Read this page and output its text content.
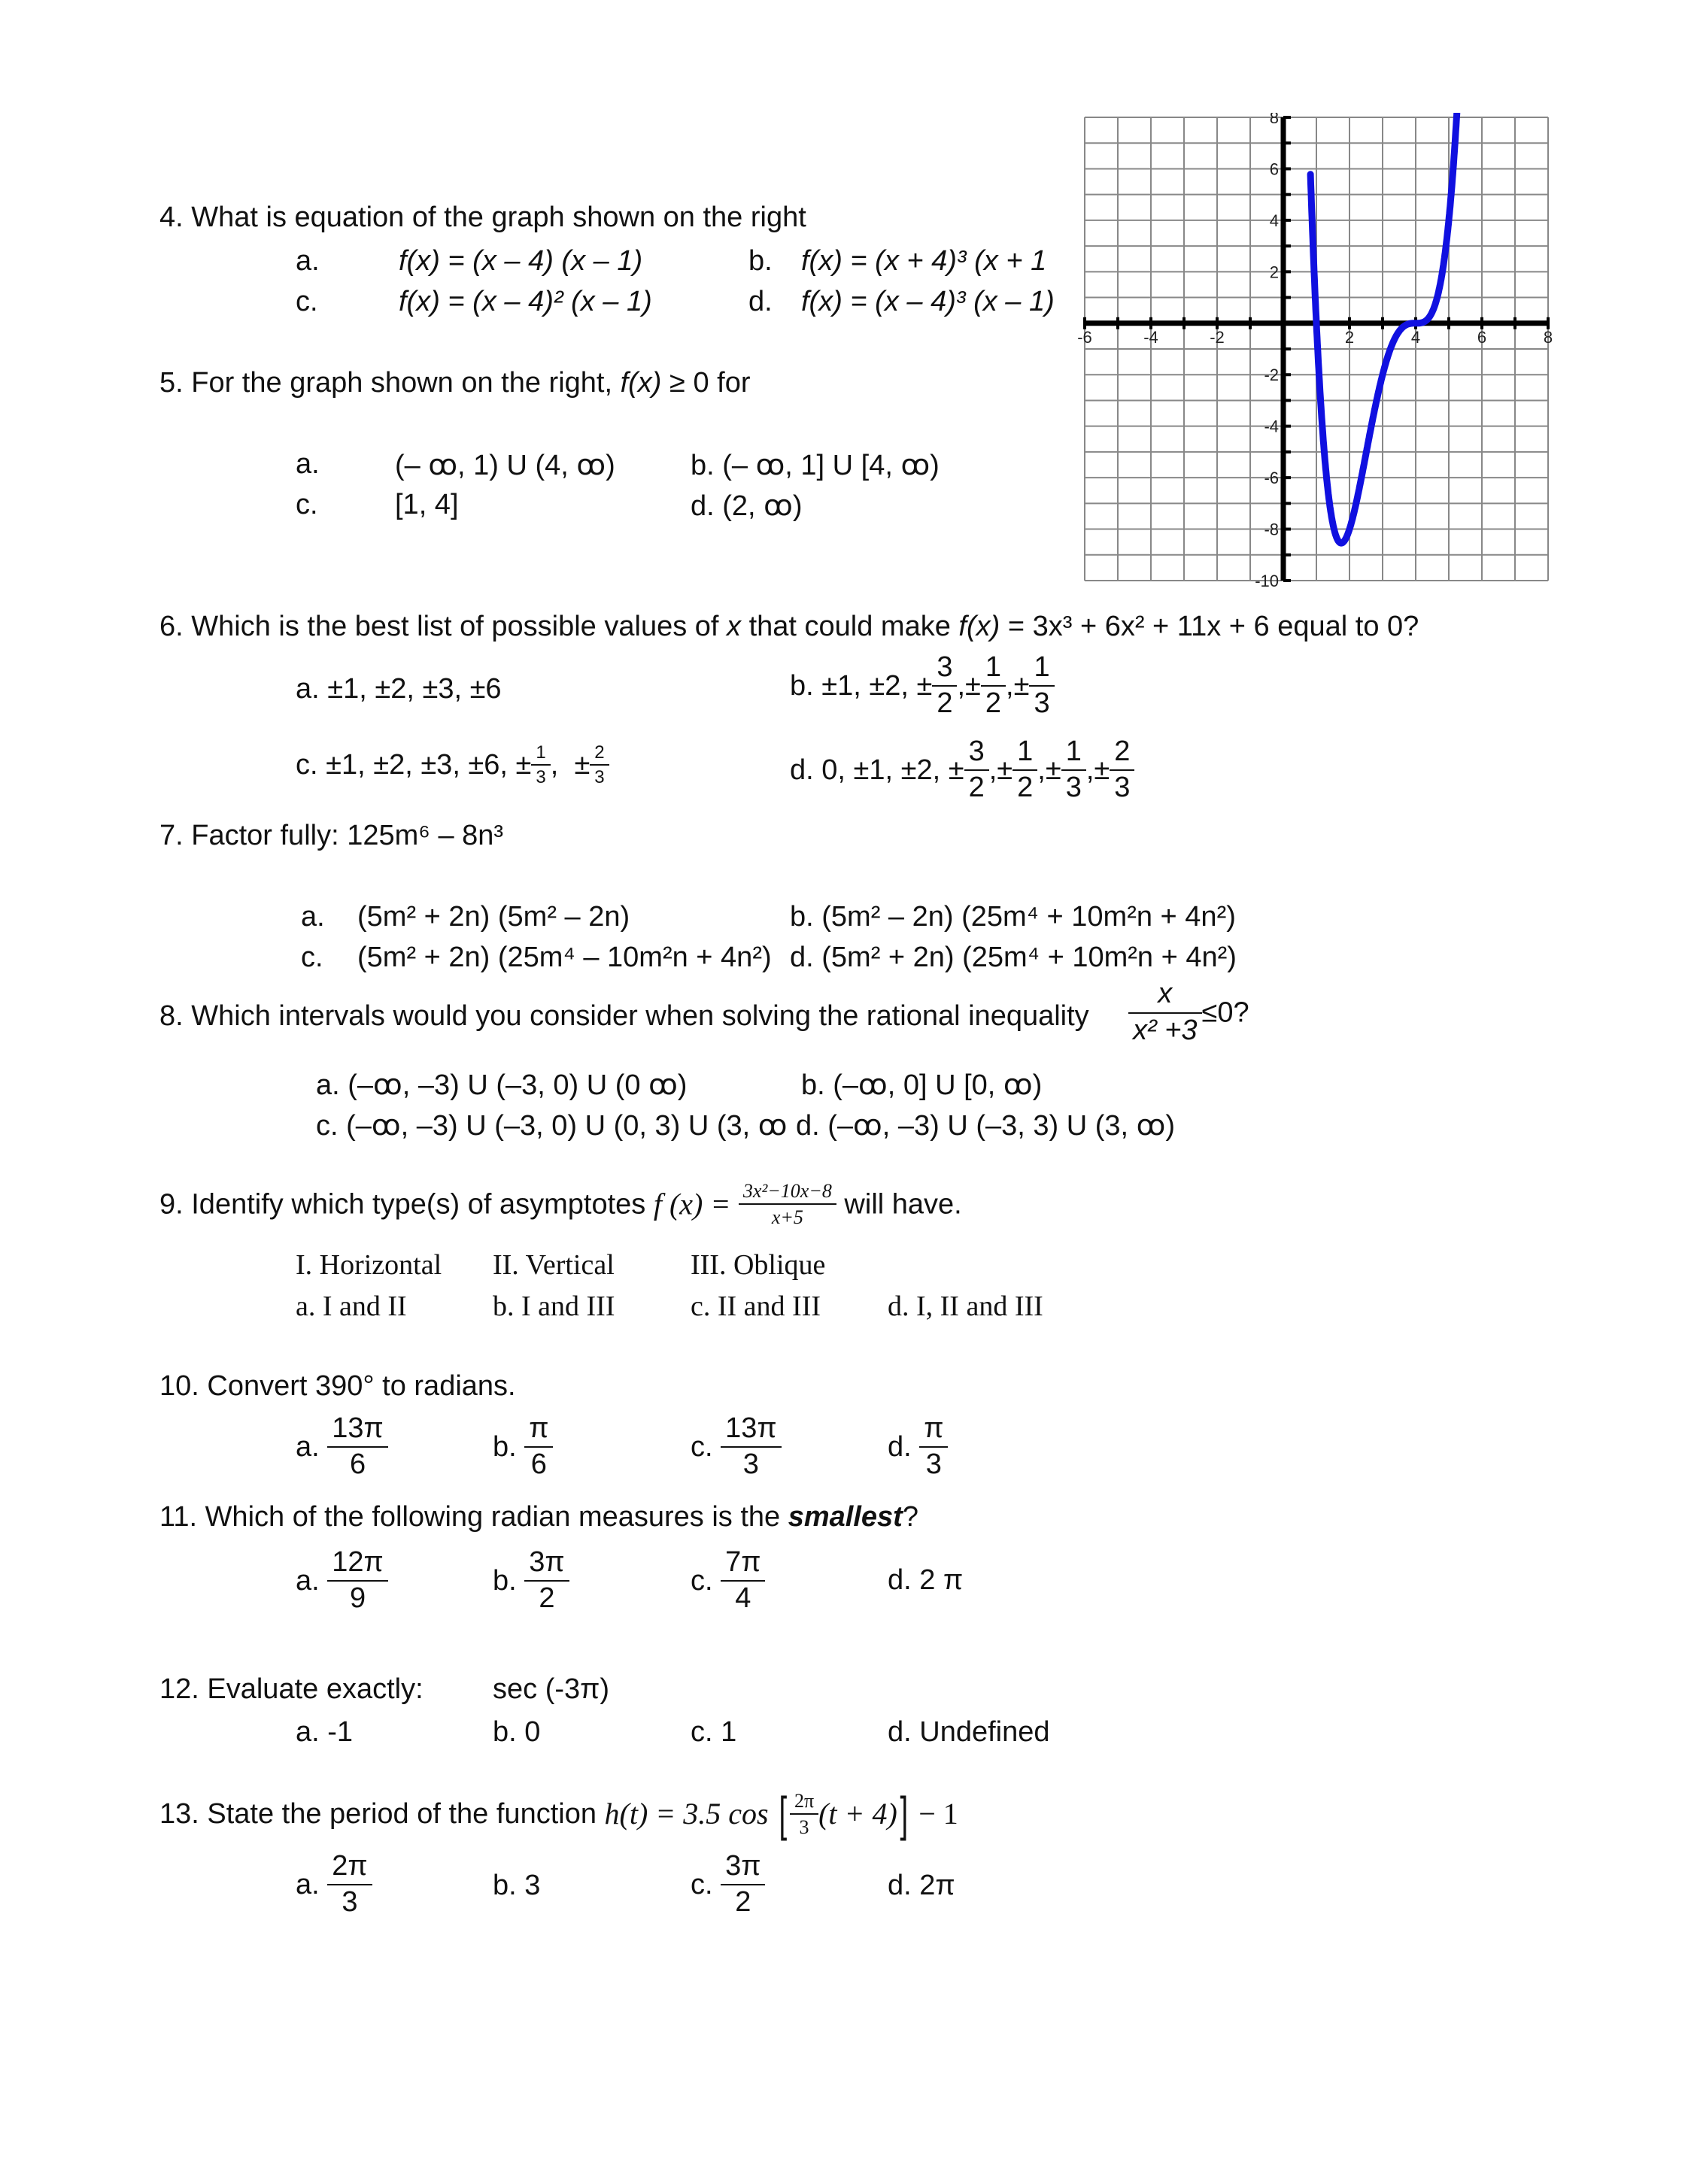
-6	-4	-2	2	4	6	8
8
6
4
2
-2
-4
-6
-8
-10
4. What is equation of the graph shown on the right
a.	f(x) = (x – 4) (x – 1)	b. f(x) = (x + 4)³ (x + 1
c.	f(x) = (x – 4)² (x – 1)	d. f(x) = (x – 4)³ (x – 1)
5. For the graph shown on the right, f(x) ≥ 0 for
a.	(– ꝏ, 1) U (4, ꝏ)	b. (– ꝏ, 1] U [4, ꝏ)
c.	[1, 4]	d. (2, ꝏ)
6. Which is the best list of possible values of x that could make f(x) = 3x³ + 6x² + 11x + 6 equal to 0?
a. ±1, ±2, ±3, ±6	b. ±1, ±2, ± $\frac{3}{2}$ ,± $\frac{1}{2}$ ,± $\frac{1}{3}$
c. ±1, ±2, ±3, ±6, ± $\frac{1}{3}$ , ± $\frac{2}{3}$	d. 0, ±1, ±2, ± $\frac{3}{2}$ ,± $\frac{1}{2}$ ,± $\frac{1}{3}$ ,± $\frac{2}{3}$
7. Factor fully: 125m⁶ – 8n³
a. (5m² + 2n) (5m² – 2n)	b. (5m² – 2n) (25m⁴ + 10m²n + 4n²)
c. (5m² + 2n) (25m⁴ – 10m²n + 4n²) d. (5m² + 2n) (25m⁴ + 10m²n + 4n²)
8. Which intervals would you consider when solving the rational inequality $\frac{x}{\text{x² +3}} \le 0$?
a. (–ꝏ, –3) U (–3, 0) U (0 ꝏ)	b. (–ꝏ, 0] U [0, ꝏ)
c. (–ꝏ, –3) U (–3, 0) U (0, 3) U (3, ꝏ d. (–ꝏ, –3) U (–3, 3) U (3, ꝏ)
9. Identify which type(s) of asymptotes f $(x) = \frac{\text{3x²−10x−8}}{x+5}$ will have.
I. Horizontal II. Vertical	III. Oblique
a. I and II	b. I and III	c. II and III d. I, II and III
10. Convert 390° to radians.
a. $\frac{13\pi}{6}$	b. $\frac{\pi}{6}$	c. $\frac{13\pi}{3}$	d. $\frac{\pi}{3}$
11. Which of the following radian measures is the smallest?
a. $\frac{12\pi}{9}$	b. $\frac{3\pi}{2}$	c. $\frac{7\pi}{4}$	d. 2 π
12. Evaluate exactly: sec (-3π)
a. -1	b. 0	c. 1	d. Undefined
13. State the period of the function h(t) = 3.5 cos [ $\frac{2\pi}{3} (t + 4)] - 1$
a. $\frac{2\pi}{3}$	b. 3	c. $\frac{3\pi}{2}$	d. 2π
